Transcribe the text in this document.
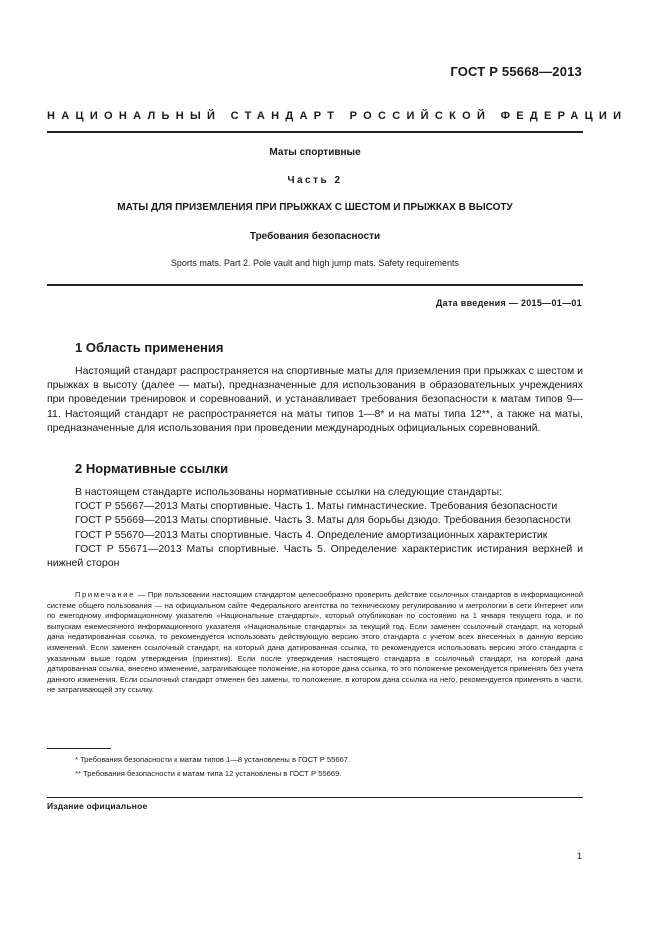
ГОСТ Р 55668—2013
НАЦИОНАЛЬНЫЙ СТАНДАРТ РОССИЙСКОЙ ФЕДЕРАЦИИ
Маты спортивные
Часть 2
МАТЫ ДЛЯ ПРИЗЕМЛЕНИЯ ПРИ ПРЫЖКАХ С ШЕСТОМ И ПРЫЖКАХ В ВЫСОТУ
Требования безопасности
Sports mats. Part 2. Pole vault and high jump mats. Safety requirements
Дата введения — 2015—01—01
1 Область применения

Настоящий стандарт распространяется на спортивные маты для приземления при прыжках с шестом и прыжках в высоту (далее — маты), предназначенные для использования в образовательных учреждениях при проведении тренировок и соревнований, и устанавливает требования безопасности к матам типов 9—11. Настоящий стандарт не распространяется на маты типов 1—8* и на маты типа 12**, а также на маты, предназначенные для использования при проведении международных официальных соревнований.

2 Нормативные ссылки

В настоящем стандарте использованы нормативные ссылки на следующие стандарты:

ГОСТ Р 55667—2013 Маты спортивные. Часть 1. Маты гимнастические. Требования безопасности

ГОСТ Р 55669—2013 Маты спортивные. Часть 3. Маты для борьбы дзюдо. Требования безопасности

ГОСТ Р 55670—2013 Маты спортивные. Часть 4. Определение амортизационных характеристик

ГОСТ Р 55671—2013 Маты спортивные. Часть 5. Определение характеристик истирания верхней и нижней сторон

Примечание — При пользовании настоящим стандартом целесообразно проверить действие ссылочных стандартов в информационной системе общего пользования — на официальном сайте Федерального агентства по техническому регулированию и метрологии в сети Интернет или по ежегодному информационному указателю «Национальные стандарты», который опубликован по состоянию на 1 января текущего года, и по выпускам ежемесячного информационного указателя «Национальные стандарты» за текущий год. Если заменен ссылочный стандарт, на который дана недатированная ссылка, то рекомендуется использовать действующую версию этого стандарта с учетом всех внесенных в данную версию изменений. Если заменен ссылочный стандарт, на который дана датированная ссылка, то рекомендуется использовать версию этого стандарта с указанным выше годом утверждения (принятия). Если после утверждения настоящего стандарта в ссылочный стандарт, на который дана датированная ссылка, внесено изменение, затрагивающее положение, на которое дана ссылка, то это положение рекомендуется применять без учета данного изменения. Если ссылочный стандарт отменен без замены, то положение, в котором дана ссылка на него, рекомендуется применять в части, не затрагивающей эту ссылку.

* Требования безопасности к матам типов 1—8 установлены в ГОСТ Р 55667.
** Требования безопасности к матам типа 12 установлены в ГОСТ Р 55669.
Издание официальное
1
